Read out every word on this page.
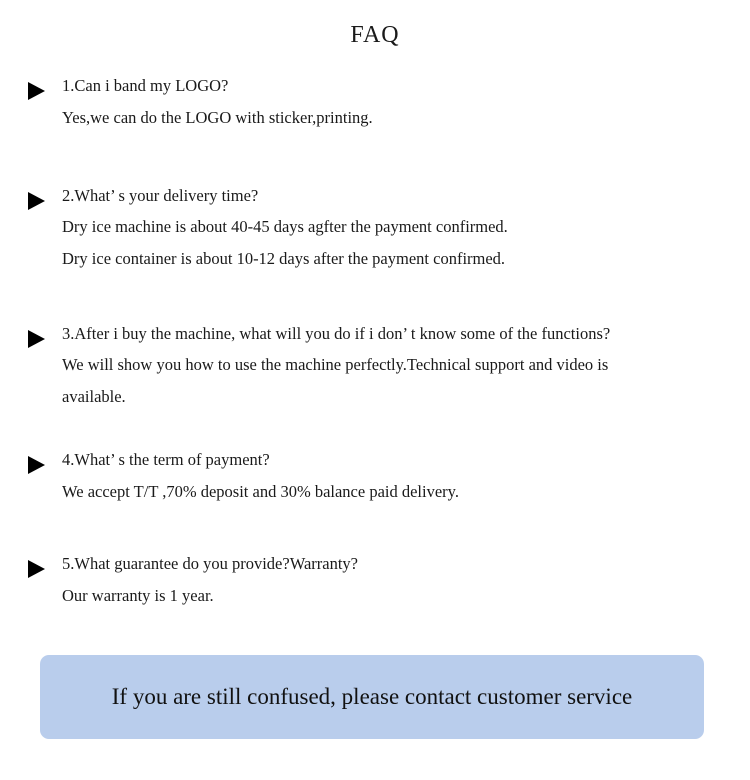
FAQ
1.Can i band my LOGO?
Yes,we can do the LOGO with sticker,printing.
2.What’ s your delivery time?
Dry ice machine is about 40-45 days agfter the payment confirmed.
Dry ice container is about 10-12 days after the payment confirmed.
3.After i buy the machine, what will you do if i don’ t know some of the functions?
We will show you how to use the machine perfectly.Technical support and video is
available.
4.What’ s the term of payment?
We accept T/T ,70% deposit and 30% balance paid delivery.
5.What guarantee do you provide?Warranty?
Our warranty is 1 year.
If you are still confused, please contact customer service
